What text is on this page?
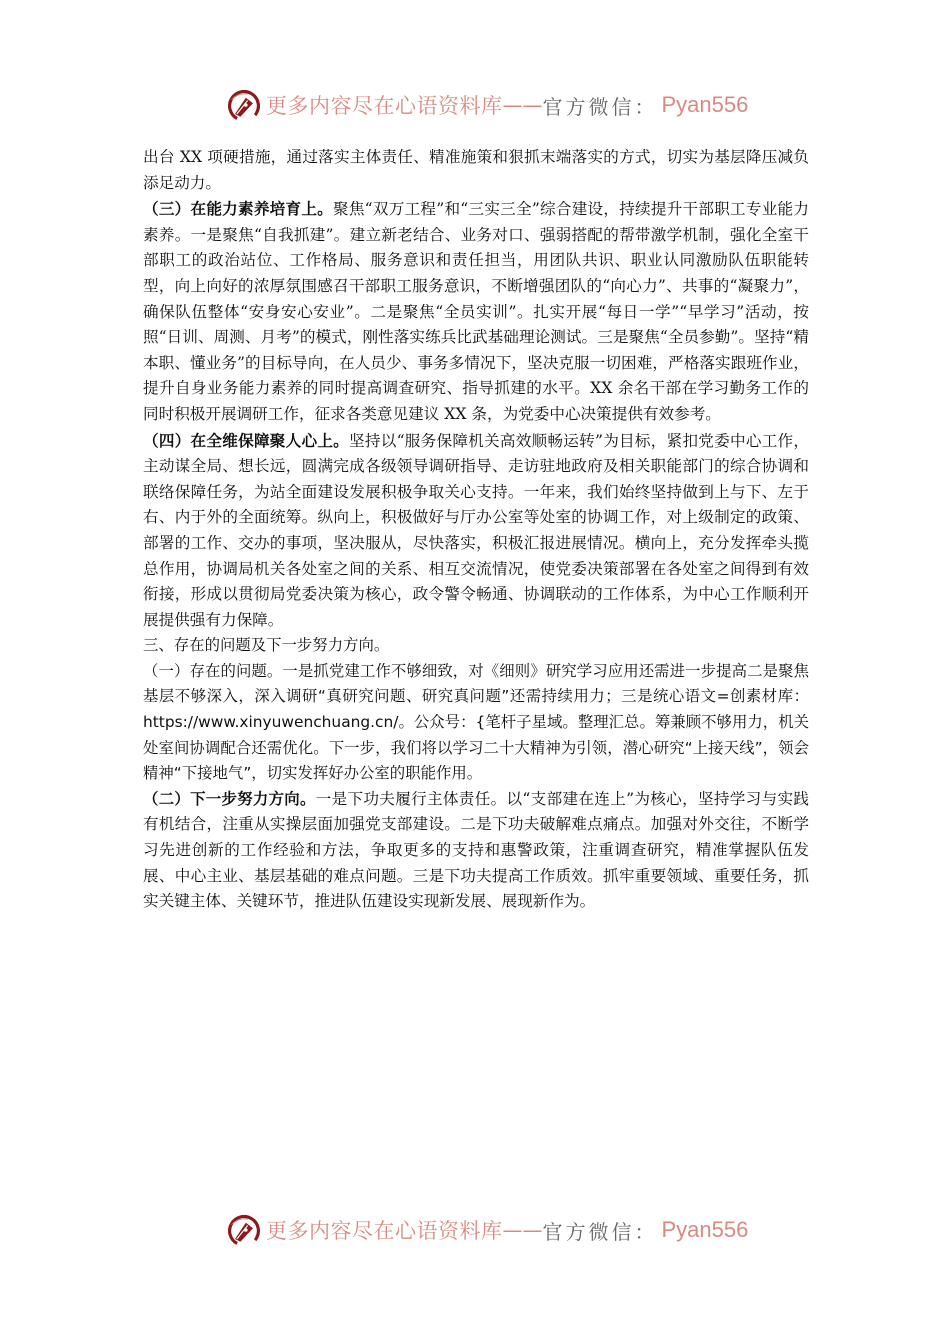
更多内容尽在心语资料库 —— 官方微信： Pyan556

出台 XX 项硬措施，通过落实主体责任、精准施策和狠抓末端落实的方式，切实为基层降压减负添足动力。

（三）在能力素养培育上。聚焦“双万工程”和“三实三全”综合建设，持续提升干部职工专业能力素养。一是聚焦“自我抓建”。建立新老结合、业务对口、强弱搭配的帮带激学机制，强化全室干部职工的政治站位、工作格局、服务意识和责任担当，用团队共识、职业认同激励队伍职能转型，向上向好的浓厚氛围感召干部职工服务意识，不断增强团队的“向心力”、共事的“凝聚力”，确保队伍整体“安身安心安业”。二是聚焦“全员实训”。扎实开展“每日一学”“早学习”活动，按照“日训、周测、月考”的模式，刚性落实练兵比武基础理论测试。三是聚焦“全员参勤”。坚持“精本职、懂业务”的目标导向，在人员少、事务多情况下，坚决克服一切困难，严格落实跟班作业，提升自身业务能力素养的同时提高调查研究、指导抓建的水平。XX 余名干部在学习勤务工作的同时积极开展调研工作，征求各类意见建议 XX 条，为党委中心决策提供有效参考。

（四）在全维保障聚人心上。坚持以“服务保障机关高效顺畅运转”为目标，紧扣党委中心工作，主动谋全局、想长远，圆满完成各级领导调研指导、走访驻地政府及相关职能部门的综合协调和联络保障任务，为站全面建设发展积极争取关心支持。一年来，我们始终坚持做到上与下、左于右、内于外的全面统筹。纵向上，积极做好与厅办公室等处室的协调工作，对上级制定的政策、部署的工作、交办的事项，坚决服从，尽快落实，积极汇报进展情况。横向上，充分发挥牵头揽总作用，协调局机关各处室之间的关系、相互交流情况，使党委决策部署在各处室之间得到有效衔接，形成以贯彻局党委决策为核心，政令警令畅通、协调联动的工作体系，为中心工作顺利开展提供强有力保障。

三、存在的问题及下一步努力方向。

（一）存在的问题。一是抓党建工作不够细致，对《细则》研究学习应用还需进一步提高二是聚焦基层不够深入，深入调研“真研究问题、研究真问题”还需持续用力；三是统心语文=创素材库：https://www.xinyuwenchuang.cn/。公众号：{笔杆子星域。整理汇总。筹兼顾不够用力，机关处室间协调配合还需优化。下一步，我们将以学习二十大精神为引领，潜心研究“上接天线”，领会精神“下接地气”，切实发挥好办公室的职能作用。

（二）下一步努力方向。一是下功夫履行主体责任。以“支部建在连上”为核心，坚持学习与实践有机结合，注重从实操层面加强党支部建设。二是下功夫破解难点痛点。加强对外交往，不断学习先进创新的工作经验和方法，争取更多的支持和惠警政策，注重调查研究，精准掌握队伍发展、中心主业、基层基础的难点问题。三是下功夫提高工作质效。抓牢重要领域、重要任务，抓实关键主体、关键环节，推进队伍建设实现新发展、展现新作为。

更多内容尽在心语资料库 —— 官方微信： Pyan556
